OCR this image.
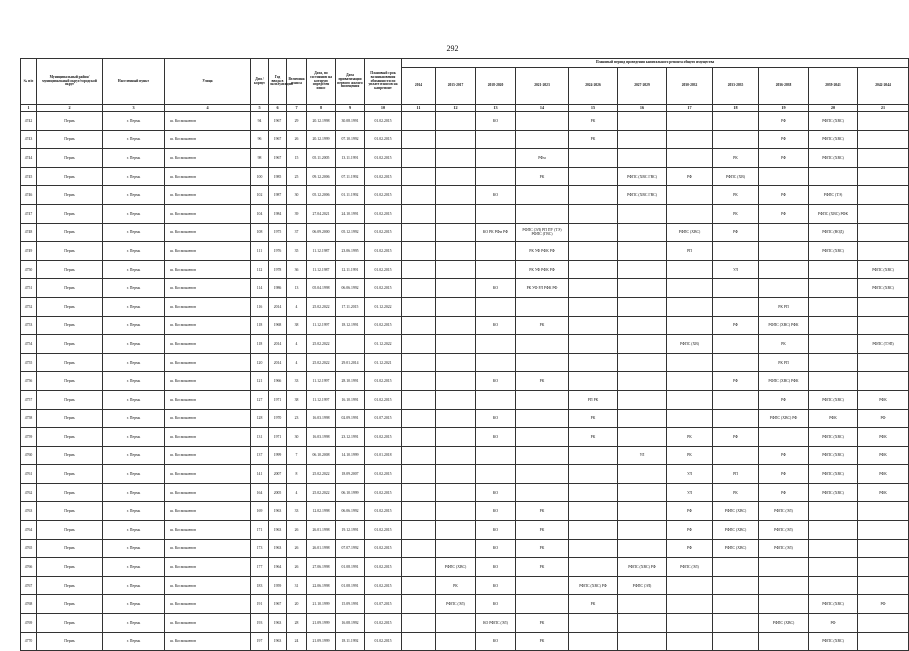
292
№ п/п	Муниципальный район/ муниципальный округ/городской округ	Населенный пункт	Улица	Дом / корпус	Год ввода в эксплуатацию	Величина износа	Дата, по состоянию на которую определен износ	Дата приватизации первого жилого помещения	Плановый срок возникновения обязанности по уплате взносов на капремонт	Плановый период проведения капитального ремонта общего имущества										
										2014	2015-2017	2018-2020	2021-2023	2024-2026	2027-2029	2030-2032	2033-2035	2036-2038	2039-2041	2042-2044
1	2	3	4	5	6	7	8	9	10	11	12	13	14	15	16	17	18	19	20	21
4742	Пермь	г. Пермь	ш. Космонавтов	94	1967	29	20.12.1998	30.08.1991	01.02.2015			КО		РК				РФ	РФПС (ХВС)	
4743	Пермь	г. Пермь	ш. Космонавтов	96	1967	26	20.12.1999	07.10.1992	01.02.2015					РК				РФ	РФПС (ХВС)	
4744	Пермь	г. Пермь	ш. Космонавтов	98	1967	15	05.11.2005	13.11.1991	01.02.2015				РФм				РК	РФ	РФПС (ХВС)	
4745	Пермь	г. Пермь	ш. Космонавтов	100	1985	25	09.12.2006	07.11.1992	01.02.2015				РК		РФПС (ХВС ГВС)	РФ	РФПС (ХВ)			
4746	Пермь	г. Пермь	ш. Космонавтов	102	1987	30	05.12.2006	01.11.1992	01.02.2015			КО			РФПС (ХВС ГВС)		РК	РФ	РФПС (ТЭ)	
4747	Пермь	г. Пермь	ш. Космонавтов	104	1984	39	27.04.2021	24.10.1991	01.02.2015								РК	РФ	РФПС (ХВС) РФК	
4748	Пермь	г. Пермь	ш. Космонавтов	108	1975	37	06.09.2000	05.12.1992	01.02.2015			КО РК РФм РФ	РФПС (ЭЛ) РП ПУ (ТЭ) РФПС (ГВС)			РФПС (ХВС)	РФ		РФПС (ВОД)	
4749	Пермь	г. Пермь	ш. Космонавтов	111	1976	35	11.12.1987	23.06.1995	01.02.2015				РК УФ РФК РФ			РП			РФПС (ХВС)	
4750	Пермь	г. Пермь	ш. Космонавтов	112	1978	36	11.12.1987	12.11.1991	01.02.2015				РК УФ РФК РФ				УЛ			РФПС (ХВС)
4751	Пермь	г. Пермь	ш. Космонавтов	114	1986	13	05.04.1998	06.06.1992	01.02.2015			КО	РК УФ РЛ РФК РФ							РФПС (ХВС)
4752	Пермь	г. Пермь	ш. Космонавтов	116	2014	4	25.02.2022	17.11.2015	01.12.2022									РК РП		
4753	Пермь	г. Пермь	ш. Космонавтов	118	1968	38	11.12.1997	18.12.1991	01.02.2015			КО	РК				РФ	РФПС (ХВС) РФК		
4754	Пермь	г. Пермь	ш. Космонавтов	118	2014	4	25.02.2022		01.12.2022							РФПС (ХВ)		РК		РФПС (ТЭП)
4755	Пермь	г. Пермь	ш. Космонавтов	120	2014	4	25.02.2022	29.01.2014	01.12.2021									РК РП		
4756	Пермь	г. Пермь	ш. Космонавтов	121	1966	33	11.12.1997	28.10.1991	01.02.2015			КО	РК				РФ	РФПС (ХВС) РФК		
4757	Пермь	г. Пермь	ш. Космонавтов	127	1971	38	11.12.1997	16.10.1991	01.02.2015					РП РК				РФ	РФПС (ХВС)	РФК
4758	Пермь	г. Пермь	ш. Космонавтов	128	1970	23	16.03.1998	02.09.1991	01.07.2015			КО		РК				РФПС (ХВС) РФ	РФК	РФ
4759	Пермь	г. Пермь	ш. Космонавтов	131	1971	30	16.03.1998	23.12.1991	01.02.2015			КО		РК		РК	РФ		РФПС (ХВС)	РФК
4760	Пермь	г. Пермь	ш. Космонавтов	137	1999	7	06.10.2008	14.10.1999	01.01.2018						УЛ	РК		РФ	РФПС (ХВС)	РФК
4761	Пермь	г. Пермь	ш. Космонавтов	141	2007	8	25.02.2022	18.09.2007	01.02.2015							УЛ	РП	РФ	РФПС (ХВС)	РФК
4762	Пермь	г. Пермь	ш. Космонавтов	164	2005	4	25.02.2022	06.10.1999	01.02.2015			КО				УЛ	РК	РФ	РФПС (ХВС)	РФК
4763	Пермь	г. Пермь	ш. Космонавтов	169	1963	33	12.02.1998	06.06.1992	01.02.2015			КО	РК			РФ	РФПС (ХВС)	РФПС (ЭЛ)		
4764	Пермь	г. Пермь	ш. Космонавтов	171	1963	26	26.01.1998	19.12.1991	01.02.2015			КО	РК			РФ	РФПС (ХВС)	РФПС (ЭЛ)		
4765	Пермь	г. Пермь	ш. Космонавтов	173	1963	26	26.01.1998	07.07.1992	01.02.2015			КО	РК			РФ	РФПС (ХВС)	РФПС (ЭЛ)		
4766	Пермь	г. Пермь	ш. Космонавтов	177	1964	26	27.06.1998	01.08.1991	01.02.2015		РФПС (ХВС)	КО	РК		РФПС (ХВС) РФ	РФПС (ЭЛ)				
4767	Пермь	г. Пермь	ш. Космонавтов	183	1959	31	22.06.1998	01.08.1991	01.02.2015		РК	КО		РФПС (ХВС) РФ	РФПС (ЭЛ)					
4768	Пермь	г. Пермь	ш. Космонавтов	191	1967	20	21.10.1999	15.09.1991	01.07.2015		РФПС (ЭЛ)	КО		РК					РФПС (ХВС)	РФ
4769	Пермь	г. Пермь	ш. Космонавтов	193	1963	28	21.09.1999	16.08.1992	01.02.2015			КО РФПС (ЭЛ)	РК					РФПС (ХВС)	РФ	
4770	Пермь	г. Пермь	ш. Космонавтов	197	1963	24	21.09.1999	18.11.1992	01.02.2015			КО	РК						РФПС (ХВС)	
